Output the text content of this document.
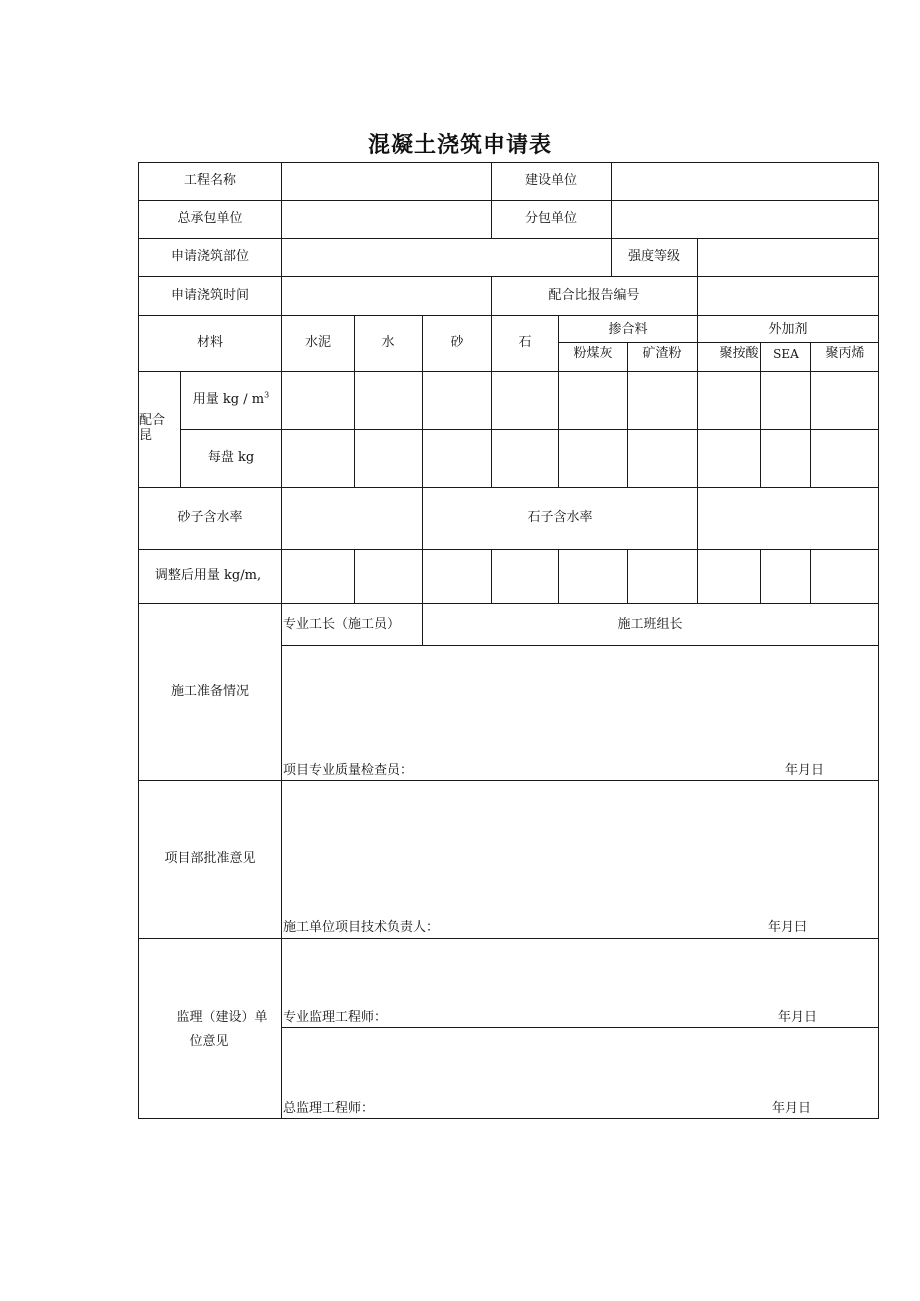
混凝土浇筑申请表
工程名称	建设单位
总承包单位	分包单位
申请浇筑部位	强度等级
申请浇筑时间	配合比报告编号
材料	水泥	水	砂	石
掺合料	外加剂
粉煤灰 矿渣粉	聚按酸 SEA 聚丙烯
配合
昆
用量 kg / $m^3$
每盘 kg
砂子含水率	石子含水率
调整后用量 kg/m,
施工准备情况
专业工长（施工员）	施工班组长
项目专业质量检查员：	年月日
项目部批准意见
施工单位项目技术负责人：	年月曰
监理（建设）单
位意见
专业监理工程师：	年月日
总监理工程师：	年月日
